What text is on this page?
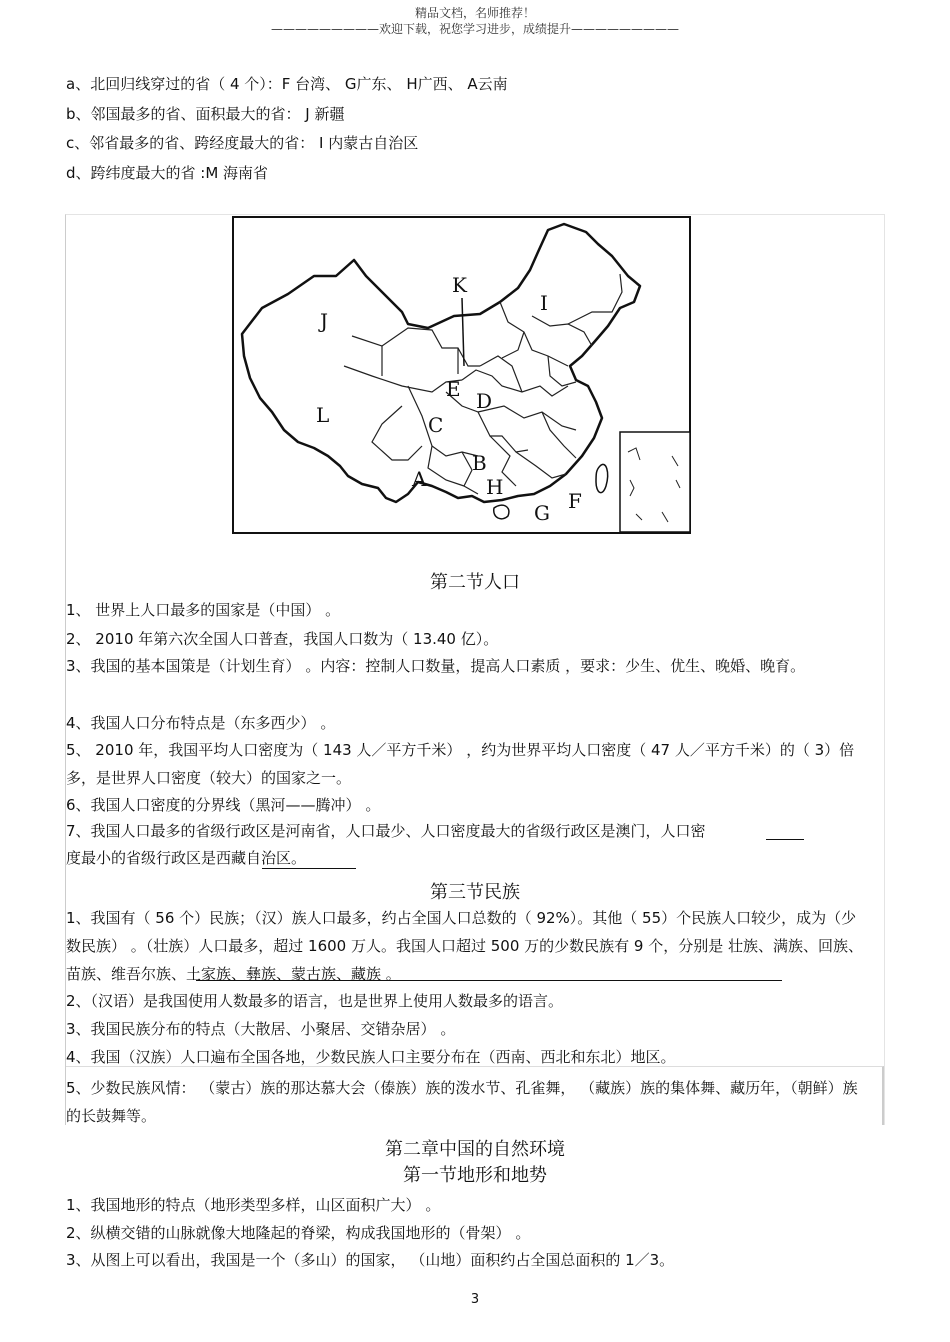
精品文档，名师推荐！
—————————欢迎下载，祝您学习进步，成绩提升—————————
a、北回归线穿过的省（ 4 个）：F 台湾、 G广东、 H广西、 A云南
b、邻国最多的省、面积最大的省： J 新疆
c、邻省最多的省、跨经度最大的省： I 内蒙古自治区
d、跨纬度最大的省 :M 海南省
J
K
I
L
E D
C
B
A	H
G F
第二节人口
1、 世界上人口最多的国家是（中国） 。
2、 2010 年第六次全国人口普查，我国人口数为（ 13.40 亿）。
3、我国的基本国策是（计划生育） 。内容：控制人口数量，提高人口素质 ，要求：少生、优生、晚婚、晚育。
4、我国人口分布特点是（东多西少） 。
5、 2010 年，我国平均人口密度为（ 143 人／平方千米） ，约为世界平均人口密度（ 47 人／平方千米）的（ 3）倍多，是世界人口密度（较大）的国家之一。
6、我国人口密度的分界线（黑河——腾冲） 。
7、我国人口最多的省级行政区是河南省，人口最少、人口密度最大的省级行政区是澳门，人口密
度最小的省级行政区是西藏自治区。
第三节民族
1、我国有（ 56 个）民族；（汉）族人口最多，约占全国人口总数的（ 92%）。其他（ 55）个民族人口较少，成为（少数民族） 。（壮族）人口最多，超过 1600 万人。我国人口超过 500 万的少数民族有 9 个，分别是 壮族、满族、回族、苗族、维吾尔族、土家族、彝族、蒙古族、藏族 。
2、（汉语）是我国使用人数最多的语言，也是世界上使用人数最多的语言。
3、我国民族分布的特点（大散居、小聚居、交错杂居） 。
4、我国（汉族）人口遍布全国各地，少数民族人口主要分布在（西南、西北和东北）地区。
5、少数民族风情： （蒙古）族的那达慕大会（傣族）族的泼水节、孔雀舞， （藏族）族的集体舞、藏历年，（朝鲜）族的长鼓舞等。
第二章中国的自然环境
第一节地形和地势
1、我国地形的特点（地形类型多样，山区面积广大） 。
2、纵横交错的山脉就像大地隆起的脊梁，构成我国地形的（骨架） 。
3、从图上可以看出，我国是一个（多山）的国家， （山地）面积约占全国总面积的 1／3。
3
